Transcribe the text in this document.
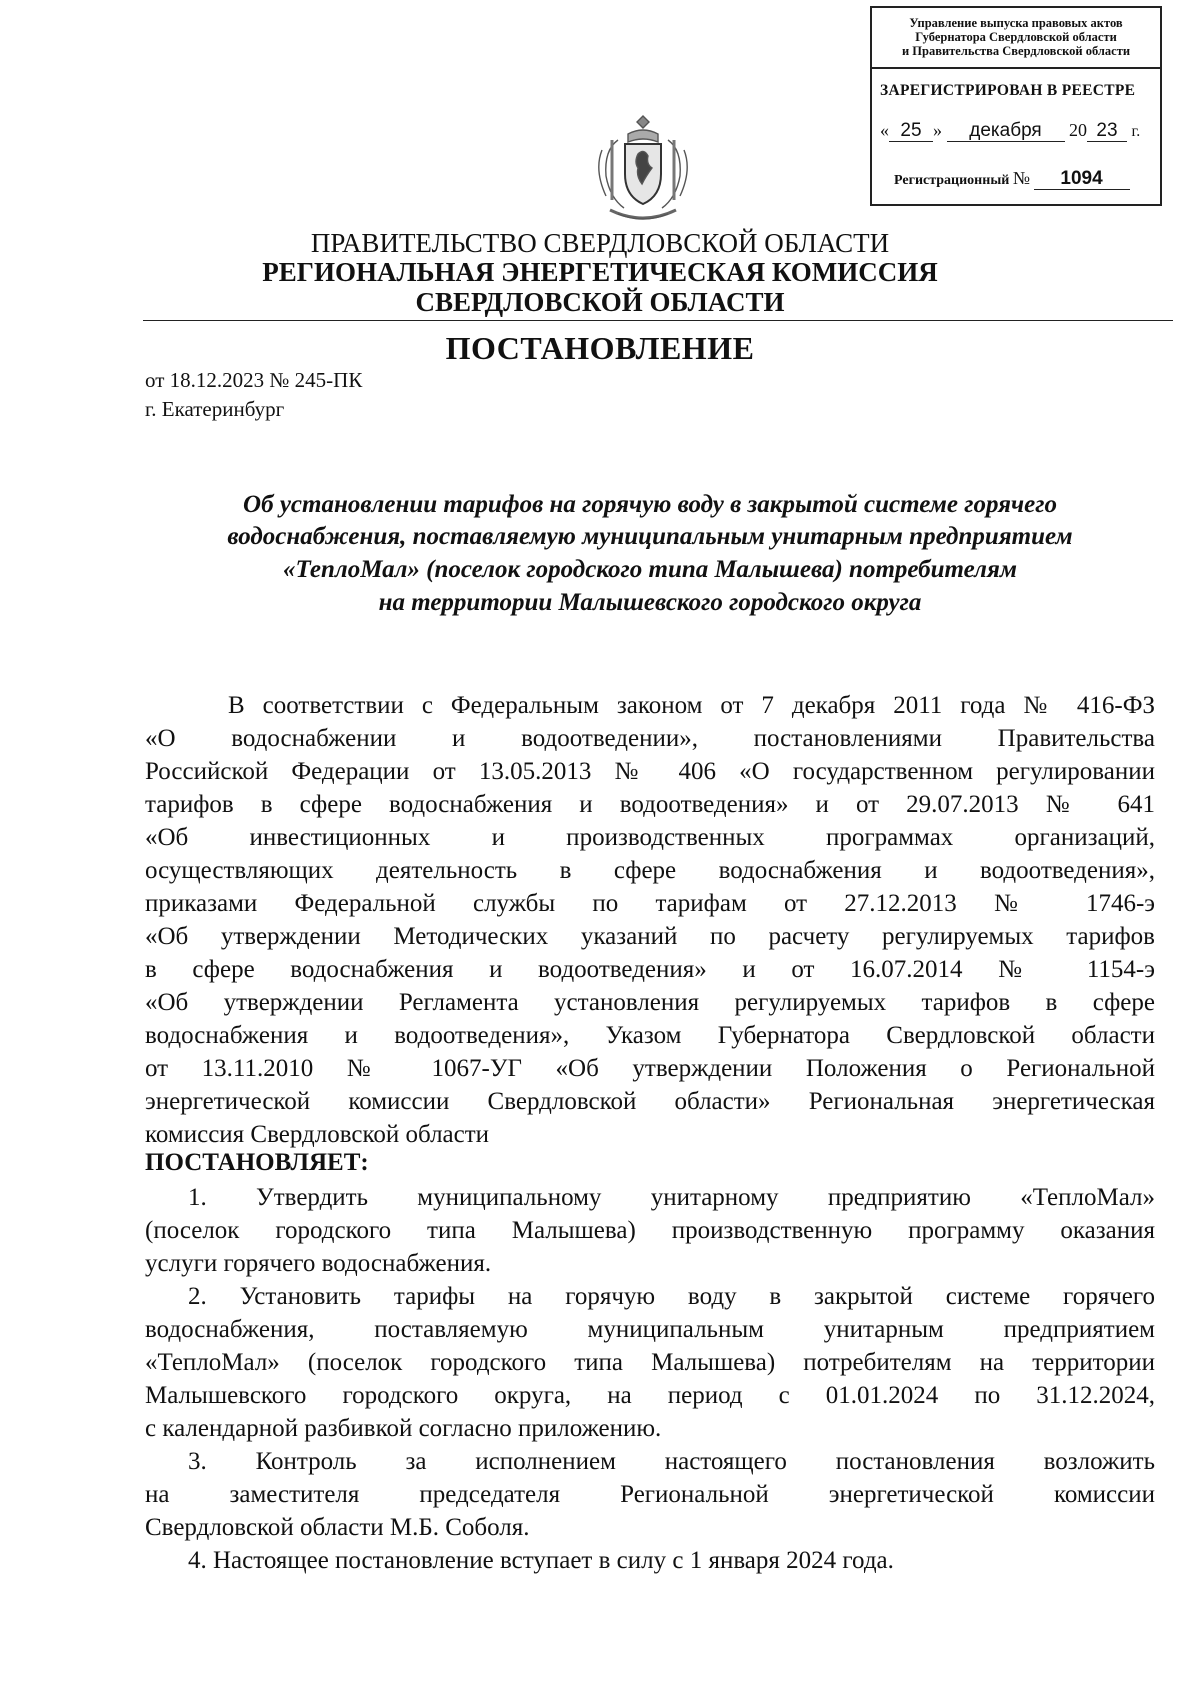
Управление выпуска правовых актов
Губернатора Свердловской области
и Правительства Свердловской области
ЗАРЕГИСТРИРОВАН В РЕЕСТРЕ
« 25 » декабря 20 23 г.
Регистрационный № 1094
ПРАВИТЕЛЬСТВО СВЕРДЛОВСКОЙ ОБЛАСТИ
РЕГИОНАЛЬНАЯ ЭНЕРГЕТИЧЕСКАЯ КОМИССИЯ
СВЕРДЛОВСКОЙ ОБЛАСТИ
ПОСТАНОВЛЕНИЕ
от 18.12.2023 № 245-ПК
г. Екатеринбург
Об установлении тарифов на горячую воду в закрытой системе горячего
водоснабжения, поставляемую муниципальным унитарным предприятием
«ТеплоМал» (поселок городского типа Малышева) потребителям
на территории Малышевского городского округа
В соответствии с Федеральным законом от 7 декабря 2011 года № 416-ФЗ
«О водоснабжении и водоотведении», постановлениями Правительства
Российской Федерации от 13.05.2013 № 406 «О государственном регулировании
тарифов в сфере водоснабжения и водоотведения» и от 29.07.2013 № 641
«Об инвестиционных и производственных программах организаций,
осуществляющих деятельность в сфере водоснабжения и водоотведения»,
приказами Федеральной службы по тарифам от 27.12.2013 № 1746-э
«Об утверждении Методических указаний по расчету регулируемых тарифов
в сфере водоснабжения и водоотведения» и от 16.07.2014 № 1154-э
«Об утверждении Регламента установления регулируемых тарифов в сфере
водоснабжения и водоотведения», Указом Губернатора Свердловской области
от 13.11.2010 № 1067-УГ «Об утверждении Положения о Региональной
энергетической комиссии Свердловской области» Региональная энергетическая
комиссия Свердловской области
ПОСТАНОВЛЯЕТ:
1. Утвердить муниципальному унитарному предприятию «ТеплоМал»
(поселок городского типа Малышева) производственную программу оказания
услуги горячего водоснабжения.
2. Установить тарифы на горячую воду в закрытой системе горячего
водоснабжения, поставляемую муниципальным унитарным предприятием
«ТеплоМал» (поселок городского типа Малышева) потребителям на территории
Малышевского городского округа, на период с 01.01.2024 по 31.12.2024,
с календарной разбивкой согласно приложению.
3. Контроль за исполнением настоящего постановления возложить
на заместителя председателя Региональной энергетической комиссии
Свердловской области М.Б. Соболя.
4. Настоящее постановление вступает в силу с 1 января 2024 года.
